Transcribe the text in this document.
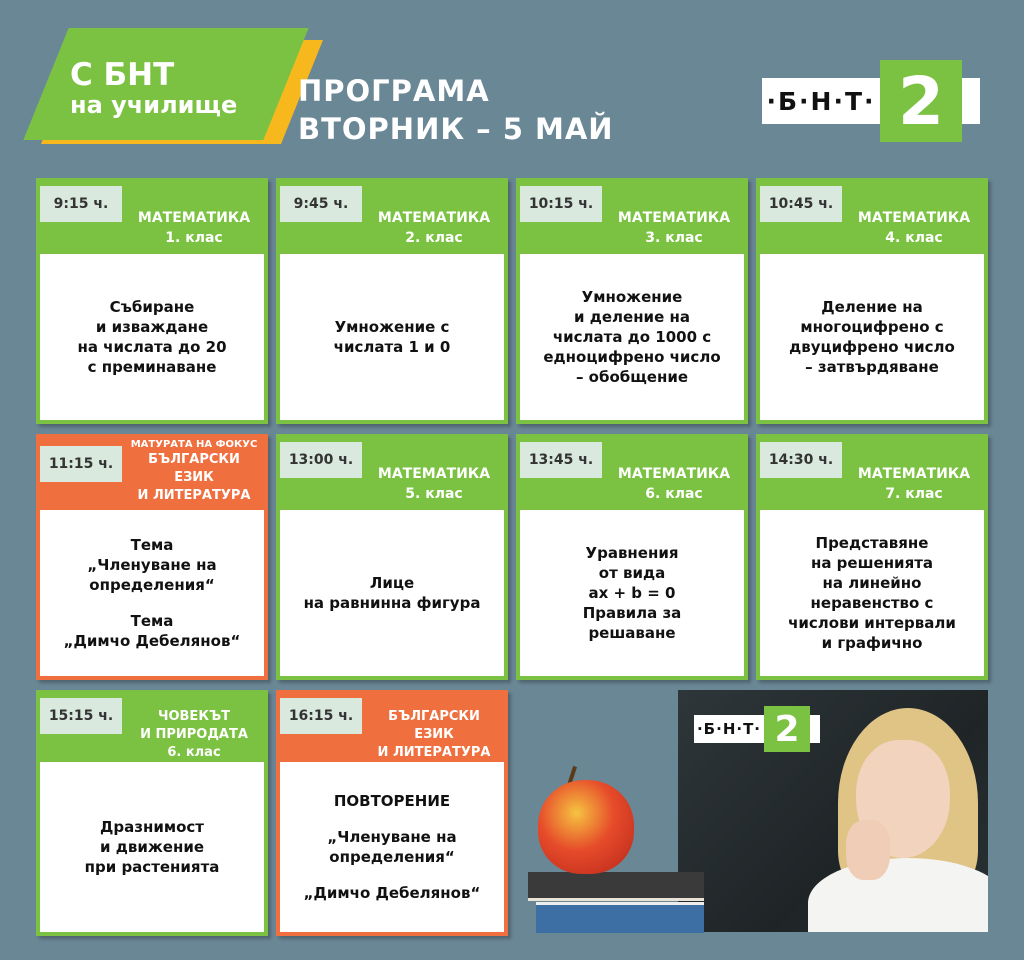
С БНТ
на училище	ПРОГРАМА
ВТОРНИК – 5 МАЙ
·Б·Н·Т· 2
9:15 ч.
МАТЕМАТИКА
1. клас
Събиране
и изваждане
на числата до 20
с преминаване
9:45 ч.
МАТЕМАТИКА
2. клас
Умножение с
числата 1 и 0
10:15 ч.
МАТЕМАТИКА
3. клас
Умножение
и деление на
числата до 1000 с
едноцифрено число
– обобщение
10:45 ч.
МАТЕМАТИКА
4. клас
Деление на
многоцифрено с
двуцифрено число
– затвърдяване
11:15 ч.
МАТУРАТА НА ФОКУС
БЪЛГАРСКИ
ЕЗИК
И ЛИТЕРАТУРА
Тема
„Членуване на
определения“
Тема
„Димчо Дебелянов“
13:00 ч.
МАТЕМАТИКА
5. клас
Лице
на равнинна фигура
13:45 ч.
МАТЕМАТИКА
6. клас
Уравнения
от вида
ax + b = 0
Правила за
решаване
14:30 ч.
МАТЕМАТИКА
7. клас
Представяне
на решенията
на линейно
неравенство с
числови интервали
и графично
15:15 ч.	ЧОВЕКЪТ
И ПРИРОДАТА
6. клас
Дразнимост
и движение
при растенията
16:15 ч.	БЪЛГАРСКИ
ЕЗИК
И ЛИТЕРАТУРА
ПОВТОРЕНИЕ
„Членуване на
определения“
„Димчо Дебелянов“
·Б·Н·Т· 2
